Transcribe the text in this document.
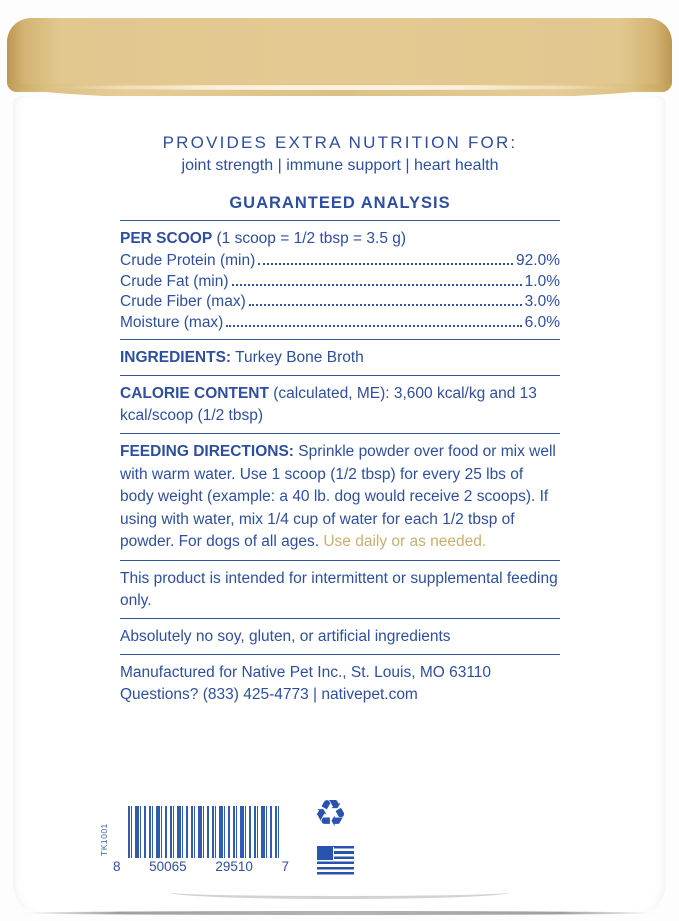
PROVIDES EXTRA NUTRITION FOR:
joint strength | immune support | heart health
GUARANTEED ANALYSIS
PER SCOOP (1 scoop = 1/2 tbsp = 3.5 g)
Crude Protein (min)	92.0%
Crude Fat (min)	1.0%
Crude Fiber (max)	3.0%
Moisture (max)	6.0%
INGREDIENTS: Turkey Bone Broth
CALORIE CONTENT (calculated, ME): 3,600 kcal/kg and 13 kcal/scoop (1/2 tbsp)
FEEDING DIRECTIONS: Sprinkle powder over food or mix well with warm water. Use 1 scoop (1/2 tbsp) for every 25 lbs of body weight (example: a 40 lb. dog would receive 2 scoops). If using with water, mix 1/4 cup of water for each 1/2 tbsp of powder. For dogs of all ages. Use daily or as needed.
This product is intended for intermittent or supplemental feeding only.
Absolutely no soy, gluten, or artificial ingredients
Manufactured for Native Pet Inc., St. Louis, MO 63110
Questions? (833) 425-4773 | nativepet.com
TK1001
8 50065 29510 7
♻
